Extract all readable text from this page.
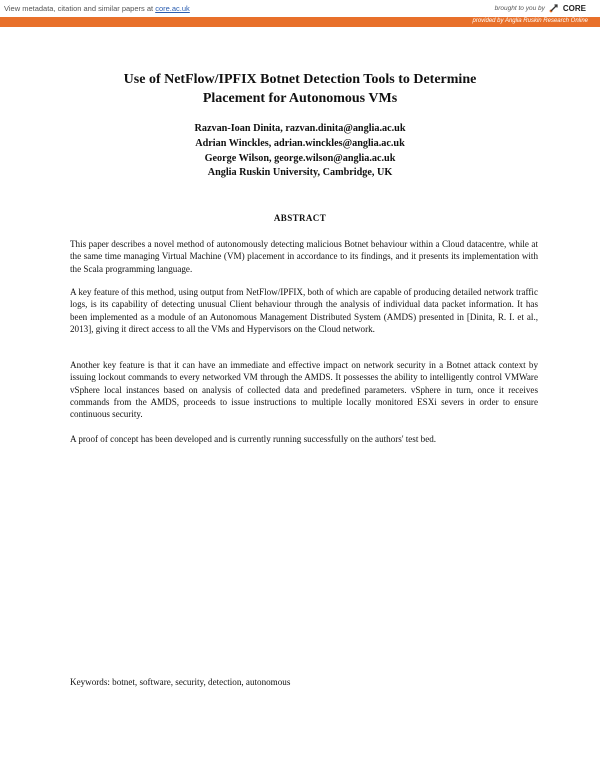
View metadata, citation and similar papers at core.ac.uk	brought to you by CORE
provided by Anglia Ruskin Research Online
Use of NetFlow/IPFIX Botnet Detection Tools to Determine
Placement for Autonomous VMs
Razvan-Ioan Dinita, razvan.dinita@anglia.ac.uk
Adrian Winckles, adrian.winckles@anglia.ac.uk
George Wilson, george.wilson@anglia.ac.uk
Anglia Ruskin University, Cambridge, UK
ABSTRACT

This paper describes a novel method of autonomously detecting malicious Botnet behaviour within a Cloud datacentre, while at the same time managing Virtual Machine (VM) placement in accordance to its findings, and it presents its implementation with the Scala programming language.

A key feature of this method, using output from NetFlow/IPFIX, both of which are capable of producing detailed network traffic logs, is its capability of detecting unusual Client behaviour through the analysis of individual data packet information. It has been implemented as a module of an Autonomous Management Distributed System (AMDS) presented in [Dinita, R. I. et al., 2013], giving it direct access to all the VMs and Hypervisors on the Cloud network.

Another key feature is that it can have an immediate and effective impact on network security in a Botnet attack context by issuing lockout commands to every networked VM through the AMDS. It possesses the ability to intelligently control VMWare vSphere local instances based on analysis of collected data and predefined parameters. vSphere in turn, once it receives commands from the AMDS, proceeds to issue instructions to multiple locally monitored ESXi severs in order to ensure continuous security.

A proof of concept has been developed and is currently running successfully on the authors' test bed.

Keywords: botnet, software, security, detection, autonomous
